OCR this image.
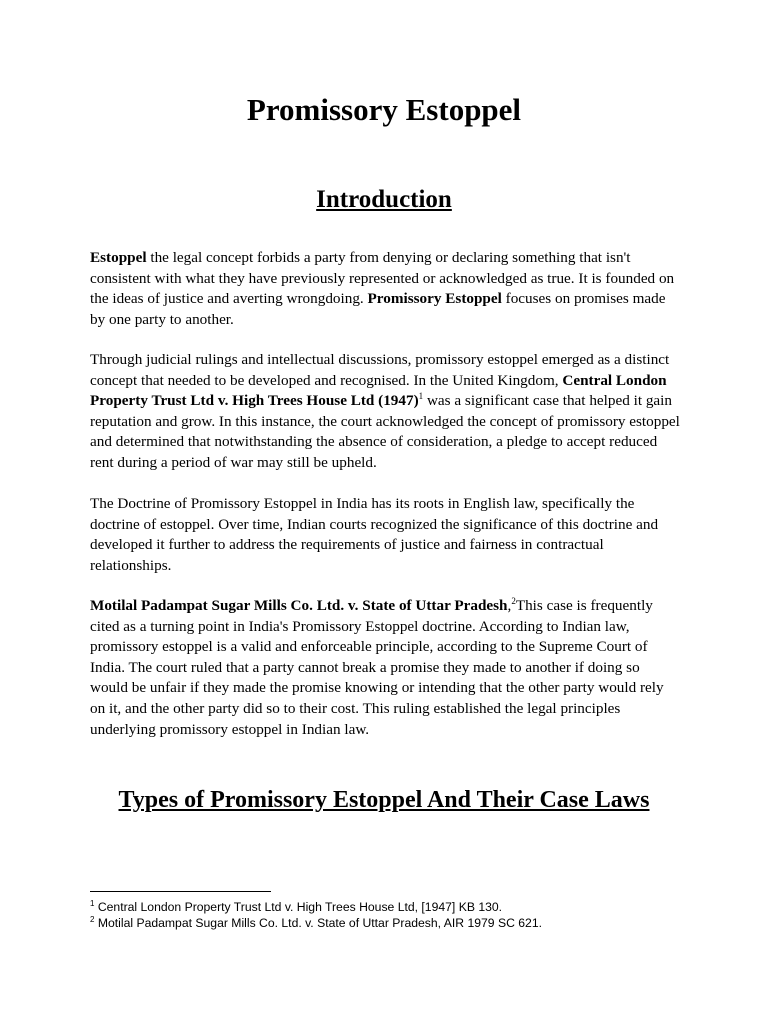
Promissory Estoppel
Introduction

Estoppel the legal concept forbids a party from denying or declaring something that isn't consistent with what they have previously represented or acknowledged as true. It is founded on the ideas of justice and averting wrongdoing. Promissory Estoppel focuses on promises made by one party to another.

Through judicial rulings and intellectual discussions, promissory estoppel emerged as a distinct concept that needed to be developed and recognised. In the United Kingdom, Central London Property Trust Ltd v. High Trees House Ltd $(1947)^1$ was a significant case that helped it gain reputation and grow. In this instance, the court acknowledged the concept of promissory estoppel and determined that notwithstanding the absence of consideration, a pledge to accept reduced rent during a period of war may still be upheld.

The Doctrine of Promissory Estoppel in India has its roots in English law, specifically the doctrine of estoppel. Over time, Indian courts recognized the significance of this doctrine and developed it further to address the requirements of justice and fairness in contractual relationships.

Motilal Padampat Sugar Mills Co. Ltd. v. State of Uttar Pradesh,$^2$This case is frequently cited as a turning point in India's Promissory Estoppel doctrine. According to Indian law, promissory estoppel is a valid and enforceable principle, according to the Supreme Court of India. The court ruled that a party cannot break a promise they made to another if doing so would be unfair if they made the promise knowing or intending that the other party would rely on it, and the other party did so to their cost. This ruling established the legal principles underlying promissory estoppel in Indian law.

Types of Promissory Estoppel And Their Case Laws
$^1$ Central London Property Trust Ltd v. High Trees House Ltd, [1947] KB 130.
$^2$ Motilal Padampat Sugar Mills Co. Ltd. v. State of Uttar Pradesh, AIR 1979 SC 621.
